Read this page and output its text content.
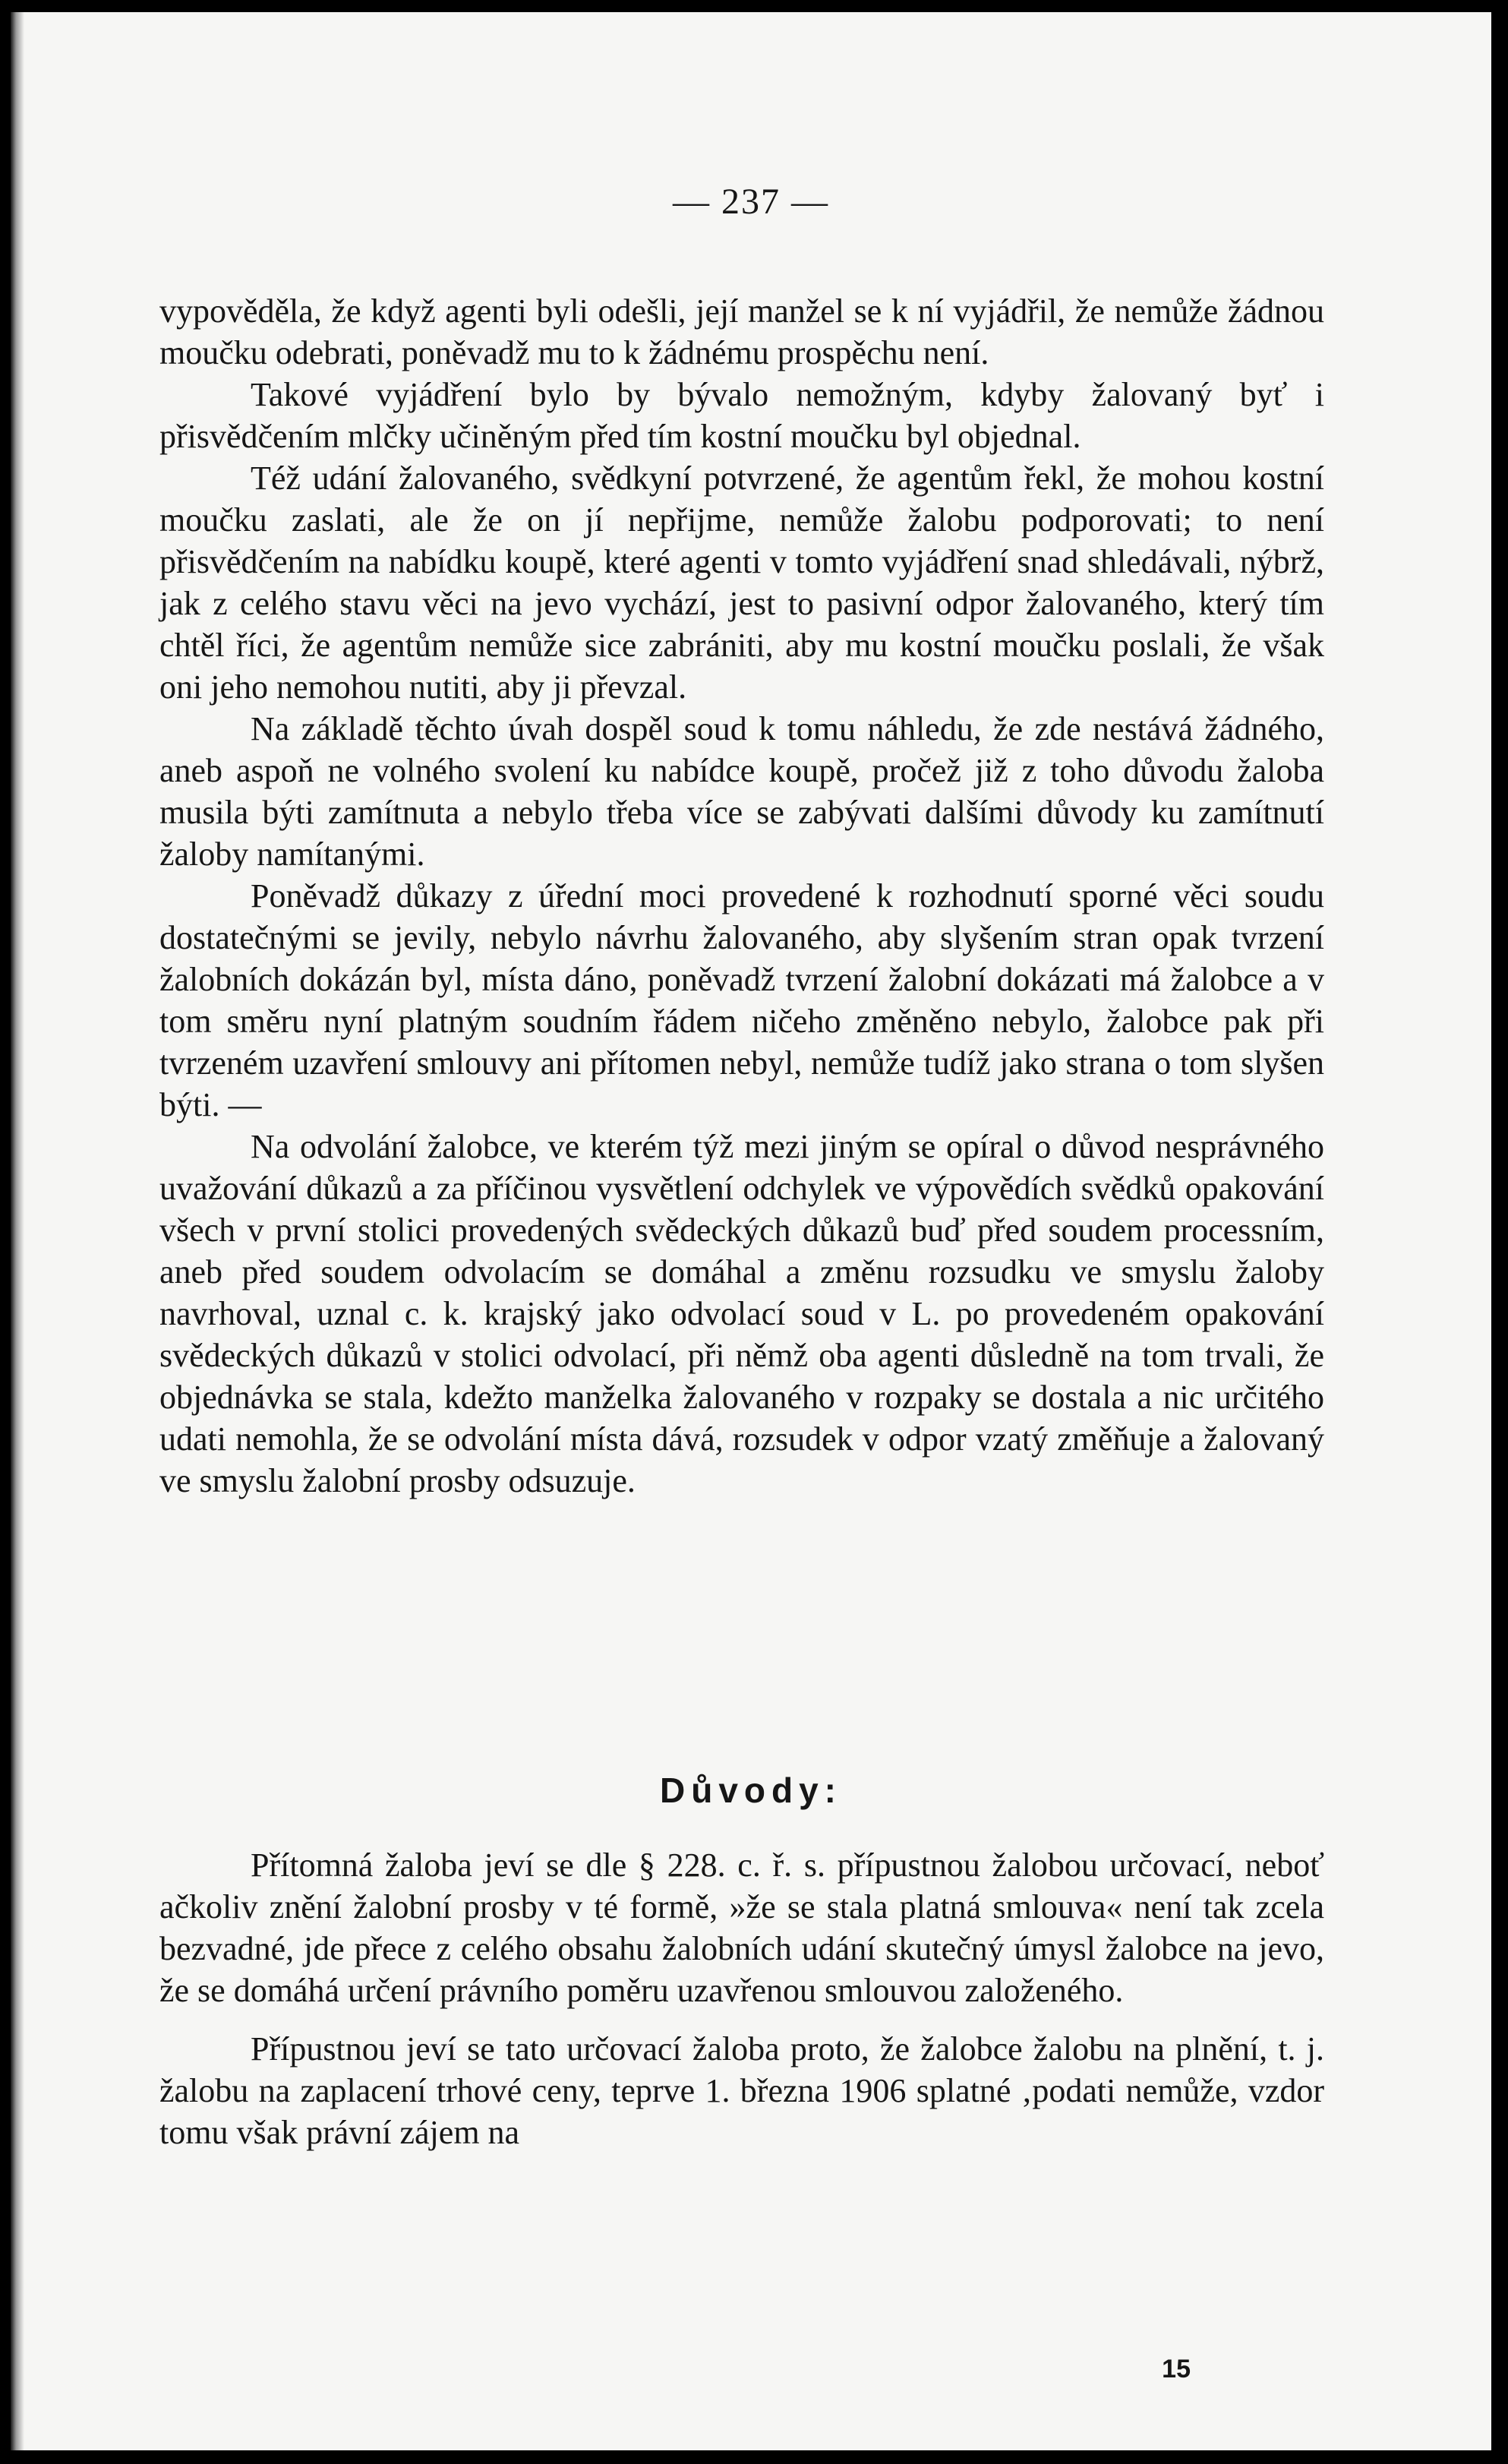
— 237 —

vypověděla, že když agenti byli odešli, její manžel se k ní vyjádřil, že nemůže žádnou moučku odebrati, poněvadž mu to k žádnému prospěchu není.

Takové vyjádření bylo by bývalo nemožným, kdyby žalovaný byť i přisvědčením mlčky učiněným před tím kostní moučku byl objednal.

Též udání žalovaného, svědkyní potvrzené, že agentům řekl, že mohou kostní moučku zaslati, ale že on jí nepřijme, nemůže žalobu podporovati; to není přisvědčením na nabídku koupě, které agenti v tomto vyjádření snad shledávali, nýbrž, jak z celého stavu věci na jevo vychází, jest to pasivní odpor žalovaného, který tím chtěl říci, že agentům nemůže sice zabrániti, aby mu kostní moučku poslali, že však oni jeho nemohou nutiti, aby ji převzal.

Na základě těchto úvah dospěl soud k tomu náhledu, že zde nestává žádného, aneb aspoň ne volného svolení ku nabídce koupě, pročež již z toho důvodu žaloba musila býti zamítnuta a nebylo třeba více se zabývati dalšími důvody ku zamítnutí žaloby namítanými.

Poněvadž důkazy z úřední moci provedené k rozhodnutí sporné věci soudu dostatečnými se jevily, nebylo návrhu žalovaného, aby slyšením stran opak tvrzení žalobních dokázán byl, místa dáno, poněvadž tvrzení žalobní dokázati má žalobce a v tom směru nyní platným soudním řádem ničeho změněno nebylo, žalobce pak při tvrzeném uzavření smlouvy ani přítomen nebyl, nemůže tudíž jako strana o tom slyšen býti. —

Na odvolání žalobce, ve kterém týž mezi jiným se opíral o důvod nesprávného uvažování důkazů a za příčinou vysvětlení odchylek ve výpovědích svědků opakování všech v první stolici provedených svědeckých důkazů buď před soudem processním, aneb před soudem odvolacím se domáhal a změnu rozsudku ve smyslu žaloby navrhoval, uznal c. k. krajský jako odvolací soud v L. po provedeném opakování svědeckých důkazů v stolici odvolací, při němž oba agenti důsledně na tom trvali, že objednávka se stala, kdežto manželka žalovaného v rozpaky se dostala a nic určitého udati nemohla, že se odvolání místa dává, rozsudek v odpor vzatý změňuje a žalovaný ve smyslu žalobní prosby odsuzuje.

Důvody:

Přítomná žaloba jeví se dle § 228. c. ř. s. přípustnou žalobou určovací, neboť ačkoliv znění žalobní prosby v té formě, »že se stala platná smlouva« není tak zcela bezvadné, jde přece z celého obsahu žalobních udání skutečný úmysl žalobce na jevo, že se domáhá určení právního poměru uzavřenou smlouvou založeného.

Přípustnou jeví se tato určovací žaloba proto, že žalobce žalobu na plnění, t. j. žalobu na zaplacení trhové ceny, teprve 1. března 1906 splatné ‚podati nemůže, vzdor tomu však právní zájem na

15
